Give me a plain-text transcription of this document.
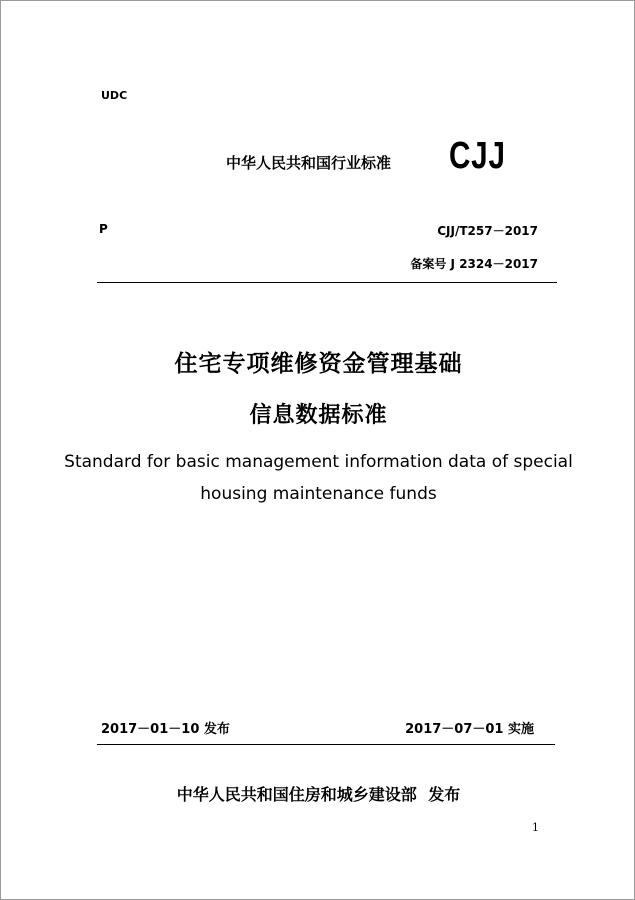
UDC
中华人民共和国行业标准 CJJ
P	CJJ/T257－2017
备案号 J 2324－2017
住宅专项维修资金管理基础
信息数据标准
Standard for basic management information data of special
housing maintenance funds
2017－01－10 发布	2017－07－01 实施
中华人民共和国住房和城乡建设部 发布
1
